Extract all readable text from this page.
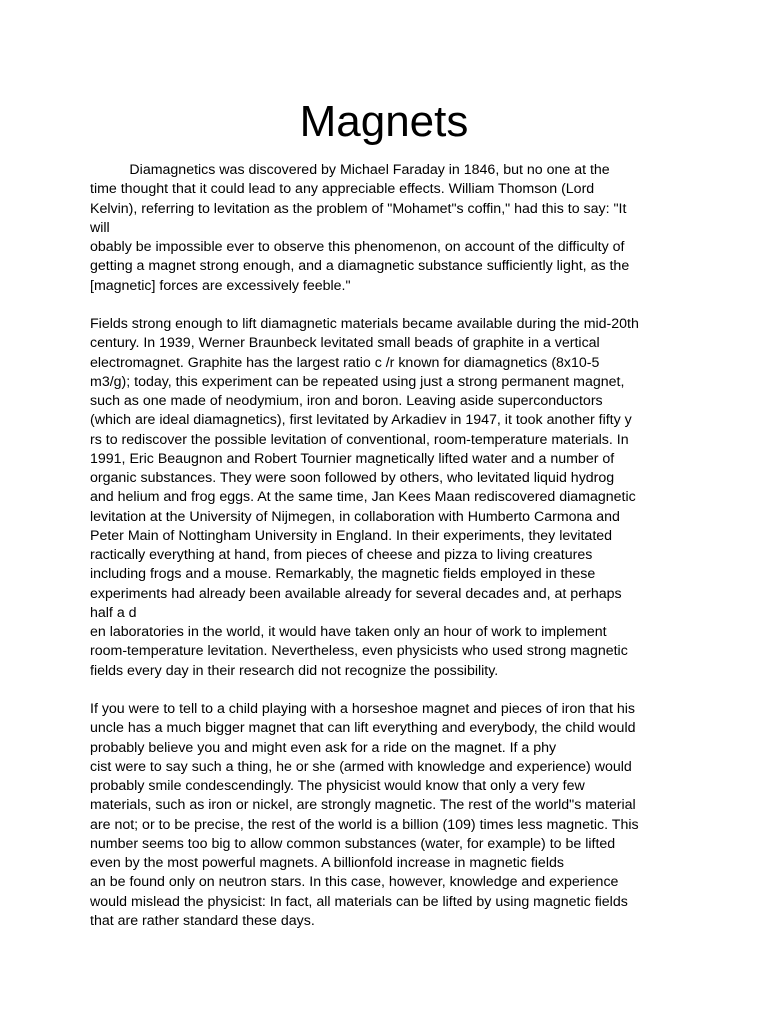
Magnets

Diamagnetics was discovered by Michael Faraday in 1846, but no one at the
time thought that it could lead to any appreciable effects. William Thomson (Lord
Kelvin), referring to levitation as the problem of "Mohamet"s coffin," had this to say: "It
will
obably be impossible ever to observe this phenomenon, on account of the difficulty of
getting a magnet strong enough, and a diamagnetic substance sufficiently light, as the
[magnetic] forces are excessively feeble."

Fields strong enough to lift diamagnetic materials became available during the mid-20th
century. In 1939, Werner Braunbeck levitated small beads of graphite in a vertical
electromagnet. Graphite has the largest ratio c /r known for diamagnetics (8x10-5
m3/g); today, this experiment can be repeated using just a strong permanent magnet,
such as one made of neodymium, iron and boron. Leaving aside superconductors
(which are ideal diamagnetics), first levitated by Arkadiev in 1947, it took another fifty y
rs to rediscover the possible levitation of conventional, room-temperature materials. In
1991, Eric Beaugnon and Robert Tournier magnetically lifted water and a number of
organic substances. They were soon followed by others, who levitated liquid hydrog
and helium and frog eggs. At the same time, Jan Kees Maan rediscovered diamagnetic
levitation at the University of Nijmegen, in collaboration with Humberto Carmona and
Peter Main of Nottingham University in England. In their experiments, they levitated
ractically everything at hand, from pieces of cheese and pizza to living creatures
including frogs and a mouse. Remarkably, the magnetic fields employed in these
experiments had already been available already for several decades and, at perhaps
half a d
en laboratories in the world, it would have taken only an hour of work to implement
room-temperature levitation. Nevertheless, even physicists who used strong magnetic
fields every day in their research did not recognize the possibility.

If you were to tell to a child playing with a horseshoe magnet and pieces of iron that his
uncle has a much bigger magnet that can lift everything and everybody, the child would
probably believe you and might even ask for a ride on the magnet. If a phy
cist were to say such a thing, he or she (armed with knowledge and experience) would
probably smile condescendingly. The physicist would know that only a very few
materials, such as iron or nickel, are strongly magnetic. The rest of the world"s material
are not; or to be precise, the rest of the world is a billion (109) times less magnetic. This
number seems too big to allow common substances (water, for example) to be lifted
even by the most powerful magnets. A billionfold increase in magnetic fields
an be found only on neutron stars. In this case, however, knowledge and experience
would mislead the physicist: In fact, all materials can be lifted by using magnetic fields
that are rather standard these days.
